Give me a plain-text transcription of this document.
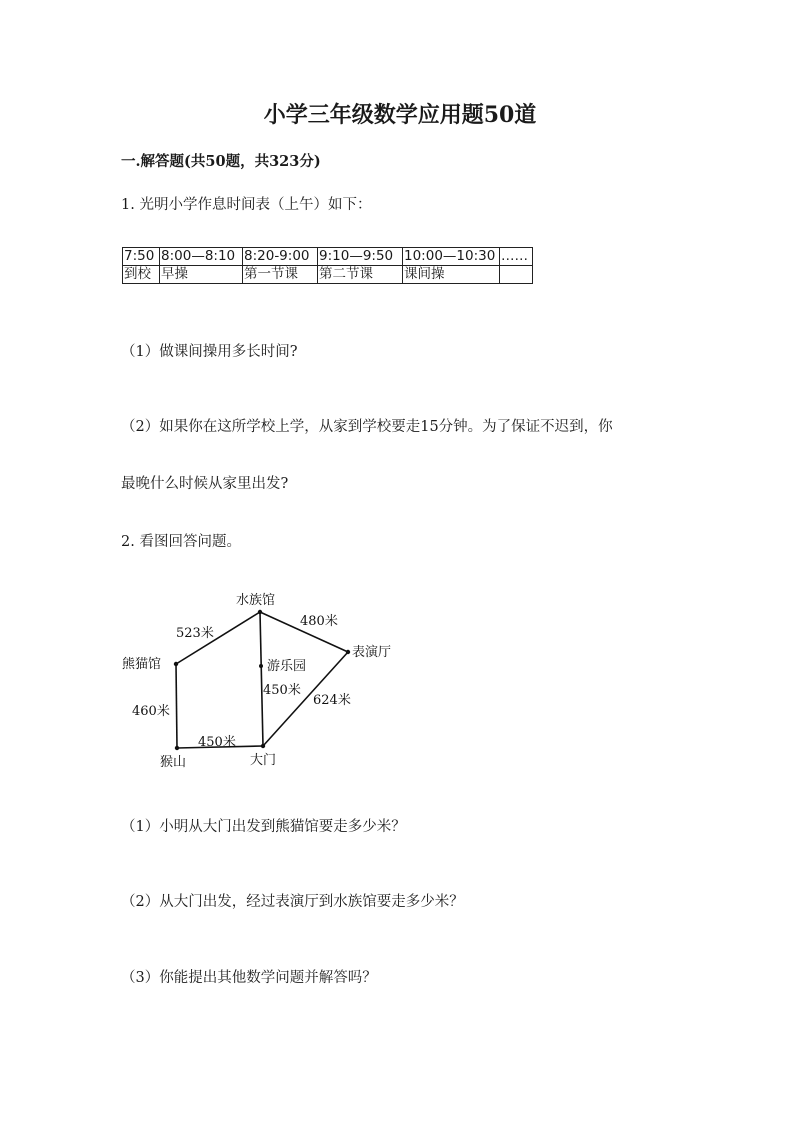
小学三年级数学应用题50道
一.解答题(共50题，共323分)
1. 光明小学作息时间表（上午）如下：
7:50	8:00—8:10	8:20-9:00	9:10—9:50	10:00—10:30	……
到校	早操	第一节课	第二节课	课间操	
（1）做课间操用多长时间?
（2）如果你在这所学校上学，从家到学校要走15分钟。为了保证不迟到，你
最晚什么时候从家里出发?
2. 看图回答问题。
水族馆
熊猫馆
猴山	大门
表演厅
游乐园
523米
480米
460米
450米
450米
624米
（1）小明从大门出发到熊猫馆要走多少米？
（2）从大门出发，经过表演厅到水族馆要走多少米？
（3）你能提出其他数学问题并解答吗？
